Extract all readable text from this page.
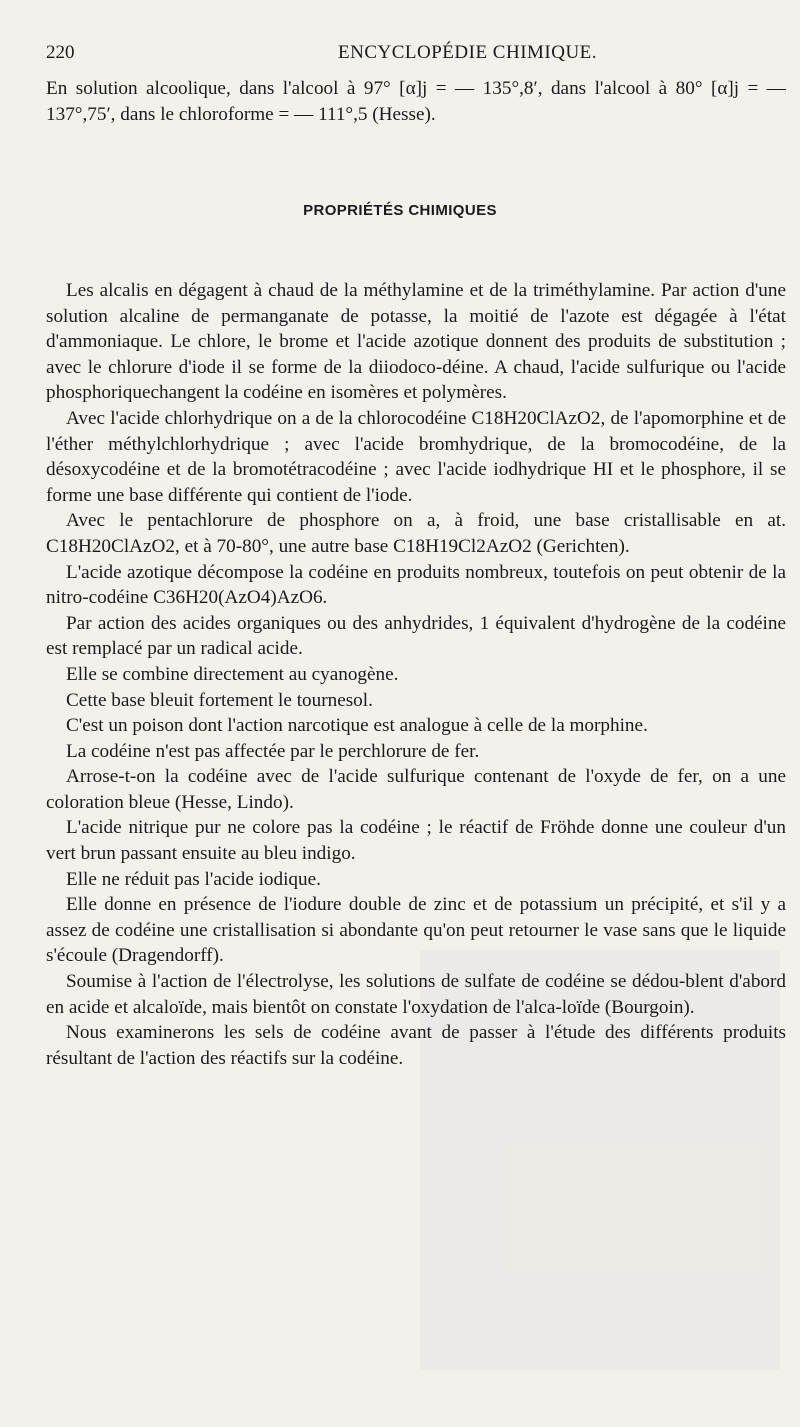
220	ENCYCLOPÉDIE CHIMIQUE.

En solution alcoolique, dans l'alcool à 97° [α]j = — 135°,8′, dans l'alcool à 80° [α]j = — 137°,75′, dans le chloroforme = — 111°,5 (Hesse).

PROPRIÉTÉS CHIMIQUES

Les alcalis en dégagent à chaud de la méthylamine et de la triméthylamine. Par action d'une solution alcaline de permanganate de potasse, la moitié de l'azote est dégagée à l'état d'ammoniaque. Le chlore, le brome et l'acide azotique donnent des produits de substitution ; avec le chlorure d'iode il se forme de la diiodoco-déine. A chaud, l'acide sulfurique ou l'acide phosphoriquechangent la codéine en isomères et polymères.

Avec l'acide chlorhydrique on a de la chlorocodéine C18H20ClAzO2, de l'apomorphine et de l'éther méthylchlorhydrique ; avec l'acide bromhydrique, de la bromocodéine, de la désoxycodéine et de la bromotétracodéine ; avec l'acide iodhydrique HI et le phosphore, il se forme une base différente qui contient de l'iode.

Avec le pentachlorure de phosphore on a, à froid, une base cristallisable en at. C18H20ClAzO2, et à 70-80°, une autre base C18H19Cl2AzO2 (Gerichten).

L'acide azotique décompose la codéine en produits nombreux, toutefois on peut obtenir de la nitro-codéine C36H20(AzO4)AzO6.

Par action des acides organiques ou des anhydrides, 1 équivalent d'hydrogène de la codéine est remplacé par un radical acide.

Elle se combine directement au cyanogène.

Cette base bleuit fortement le tournesol.

C'est un poison dont l'action narcotique est analogue à celle de la morphine.

La codéine n'est pas affectée par le perchlorure de fer.

Arrose-t-on la codéine avec de l'acide sulfurique contenant de l'oxyde de fer, on a une coloration bleue (Hesse, Lindo).

L'acide nitrique pur ne colore pas la codéine ; le réactif de Fröhde donne une couleur d'un vert brun passant ensuite au bleu indigo.

Elle ne réduit pas l'acide iodique.

Elle donne en présence de l'iodure double de zinc et de potassium un précipité, et s'il y a assez de codéine une cristallisation si abondante qu'on peut retourner le vase sans que le liquide s'écoule (Dragendorff).

Soumise à l'action de l'électrolyse, les solutions de sulfate de codéine se dédou-blent d'abord en acide et alcaloïde, mais bientôt on constate l'oxydation de l'alca-loïde (Bourgoin).

Nous examinerons les sels de codéine avant de passer à l'étude des différents produits résultant de l'action des réactifs sur la codéine.
